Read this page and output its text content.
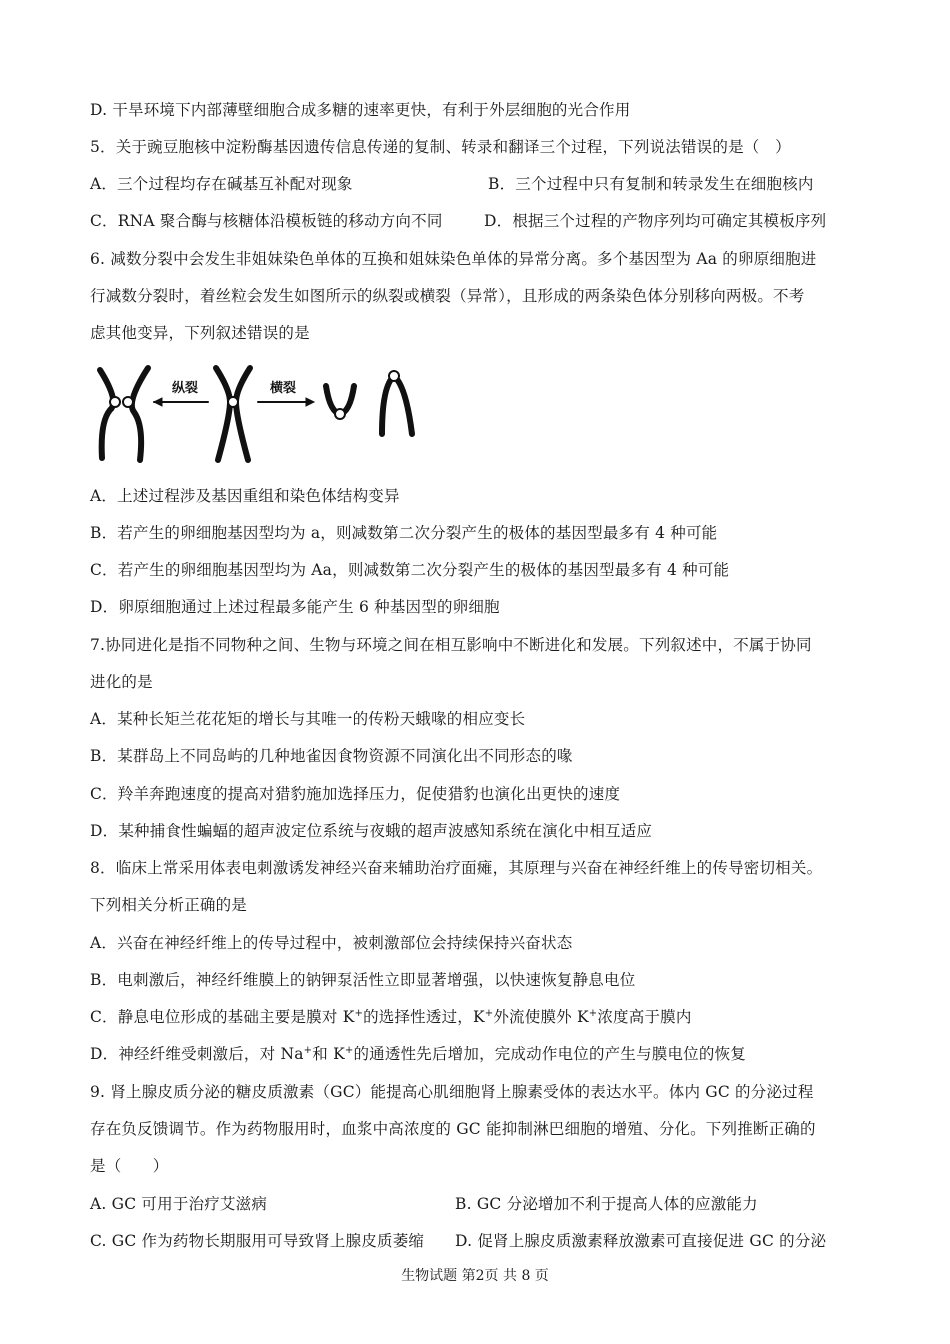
D. 干旱环境下内部薄壁细胞合成多糖的速率更快，有利于外层细胞的光合作用
5．关于豌豆胞核中淀粉酶基因遗传信息传递的复制、转录和翻译三个过程，下列说法错误的是（　）
A．三个过程均存在碱基互补配对现象	B．三个过程中只有复制和转录发生在细胞核内
C．RNA 聚合酶与核糖体沿模板链的移动方向不同	D．根据三个过程的产物序列均可确定其模板序列
6. 减数分裂中会发生非姐妹染色单体的互换和姐妹染色单体的异常分离。多个基因型为 Aa 的卵原细胞进
行减数分裂时，着丝粒会发生如图所示的纵裂或横裂（异常），且形成的两条染色体分别移向两极。不考
虑其他变异，下列叙述错误的是
纵裂	横裂
A．上述过程涉及基因重组和染色体结构变异
B．若产生的卵细胞基因型均为 a，则减数第二次分裂产生的极体的基因型最多有 4 种可能
C．若产生的卵细胞基因型均为 Aa，则减数第二次分裂产生的极体的基因型最多有 4 种可能
D．卵原细胞通过上述过程最多能产生 6 种基因型的卵细胞
7.协同进化是指不同物种之间、生物与环境之间在相互影响中不断进化和发展。下列叙述中，不属于协同
进化的是
A．某种长矩兰花花矩的增长与其唯一的传粉天蛾喙的相应变长
B．某群岛上不同岛屿的几种地雀因食物资源不同演化出不同形态的喙
C．羚羊奔跑速度的提高对猎豹施加选择压力，促使猎豹也演化出更快的速度
D．某种捕食性蝙蝠的超声波定位系统与夜蛾的超声波感知系统在演化中相互适应
8．临床上常采用体表电刺激诱发神经兴奋来辅助治疗面瘫，其原理与兴奋在神经纤维上的传导密切相关。
下列相关分析正确的是
A．兴奋在神经纤维上的传导过程中，被刺激部位会持续保持兴奋状态
B．电刺激后，神经纤维膜上的钠钾泵活性立即显著增强，以快速恢复静息电位
C．静息电位形成的基础主要是膜对 K+的选择性透过，K+外流使膜外 K+浓度高于膜内
D．神经纤维受刺激后，对 Na+和 K+的通透性先后增加，完成动作电位的产生与膜电位的恢复
9. 肾上腺皮质分泌的糖皮质激素（GC）能提高心肌细胞肾上腺素受体的表达水平。体内 GC 的分泌过程
存在负反馈调节。作为药物服用时，血浆中高浓度的 GC 能抑制淋巴细胞的增殖、分化。下列推断正确的
是（　　）
A. GC 可用于治疗艾滋病	B. GC 分泌增加不利于提高人体的应激能力
C. GC 作为药物长期服用可导致肾上腺皮质萎缩 D. 促肾上腺皮质激素释放激素可直接促进 GC 的分泌
生物试题 第2页 共 8 页
